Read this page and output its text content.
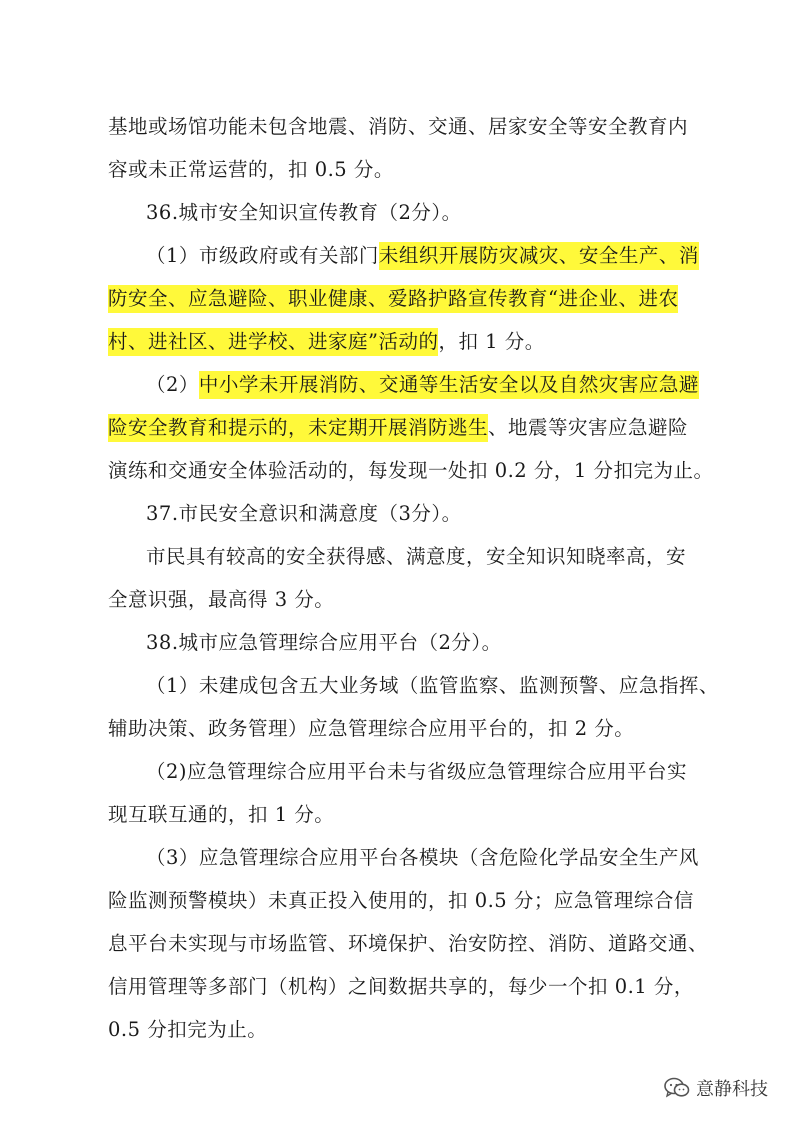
基地或场馆功能未包含地震、消防、交通、居家安全等安全教育内
容或未正常运营的，扣 0.5 分。
36.城市安全知识宣传教育（2分）。
（1）市级政府或有关部门未组织开展防灾减灾、安全生产、消
防安全、应急避险、职业健康、爱路护路宣传教育“进企业、进农
村、进社区、进学校、进家庭”活动的，扣 1 分。
（2）中小学未开展消防、交通等生活安全以及自然灾害应急避
险安全教育和提示的，未定期开展消防逃生、地震等灾害应急避险
演练和交通安全体验活动的，每发现一处扣 0.2 分，1 分扣完为止。
37.市民安全意识和满意度（3分）。
市民具有较高的安全获得感、满意度，安全知识知晓率高，安
全意识强，最高得 3 分。
38.城市应急管理综合应用平台（2分）。
（1）未建成包含五大业务域（监管监察、监测预警、应急指挥、
辅助决策、政务管理）应急管理综合应用平台的，扣 2 分。
（2)应急管理综合应用平台未与省级应急管理综合应用平台实
现互联互通的，扣 1 分。
（3）应急管理综合应用平台各模块（含危险化学品安全生产风
险监测预警模块）未真正投入使用的，扣 0.5 分；应急管理综合信
息平台未实现与市场监管、环境保护、治安防控、消防、道路交通、
信用管理等多部门（机构）之间数据共享的，每少一个扣 0.1 分，
0.5 分扣完为止。
意静科技
